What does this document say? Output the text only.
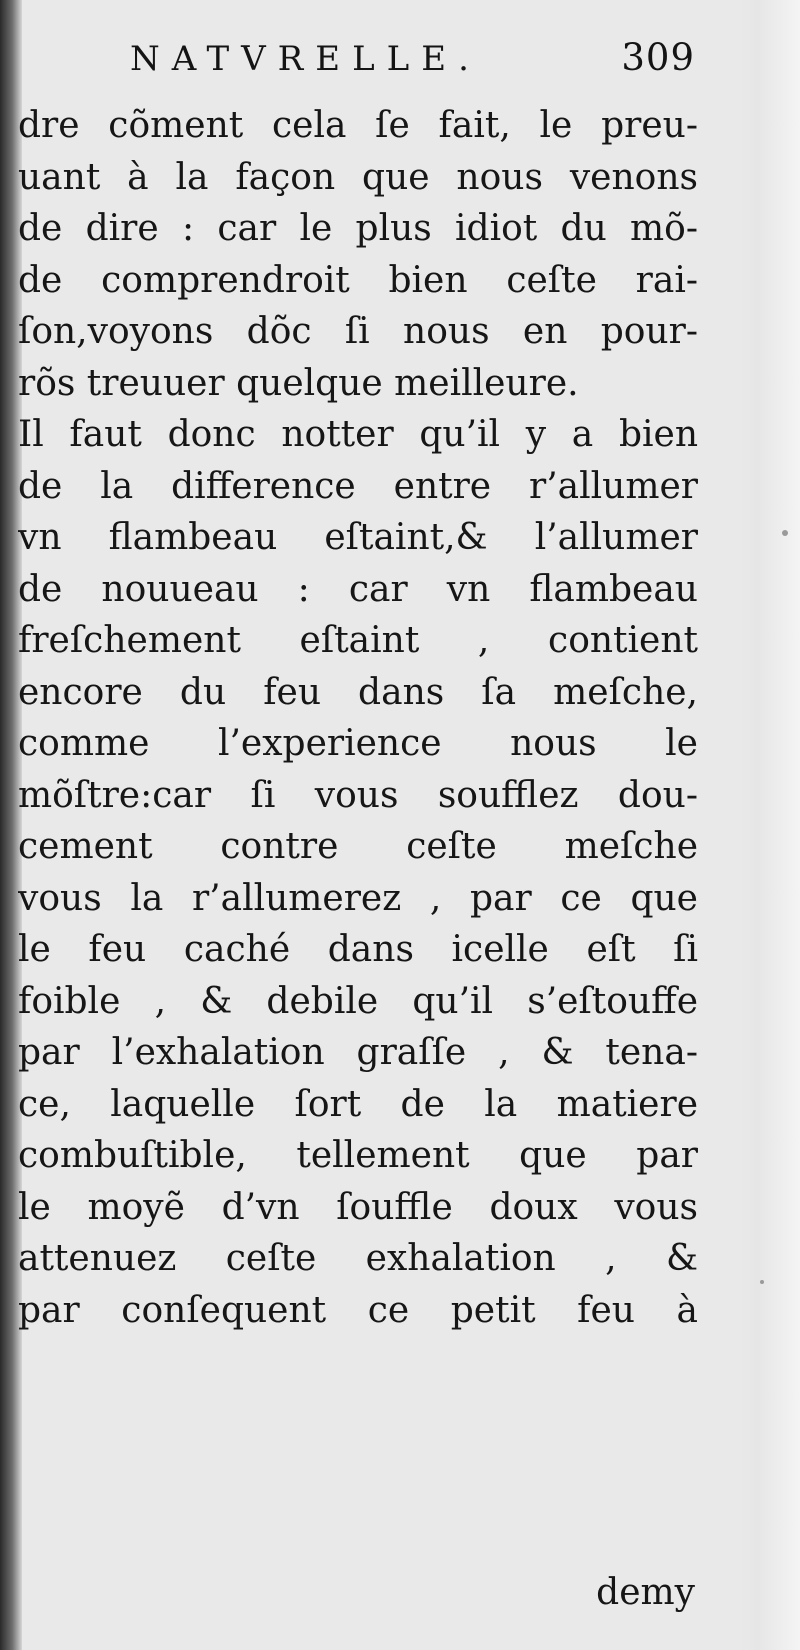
NATVRELLE.	309
dre cõment cela ſe fait, le preu-
uant à la façon que nous venons
de dire : car le plus idiot du mõ-
de comprendroit bien ceſte rai-
ſon,voyons dõc ſi nous en pour-
rõs treuuer quelque meilleure.
Il faut donc notter qu’il y a bien
de la difference entre r’allumer
vn flambeau eſtaint,& l’allumer
de nouueau : car vn flambeau
freſchement eſtaint , contient
encore du feu dans ſa meſche,
comme l’experience nous le
mõſtre:car ſi vous soufflez dou-
cement contre ceſte meſche
vous la r’allumerez , par ce que
le feu caché dans icelle eſt ſi
foible , & debile qu’il s’eſtouffe
par l’exhalation graſſe , & tena-
ce, laquelle ſort de la matiere
combuſtible, tellement que par
le moyẽ d’vn ſouffle doux vous
attenuez ceſte exhalation , &
par conſequent ce petit feu à
demy
